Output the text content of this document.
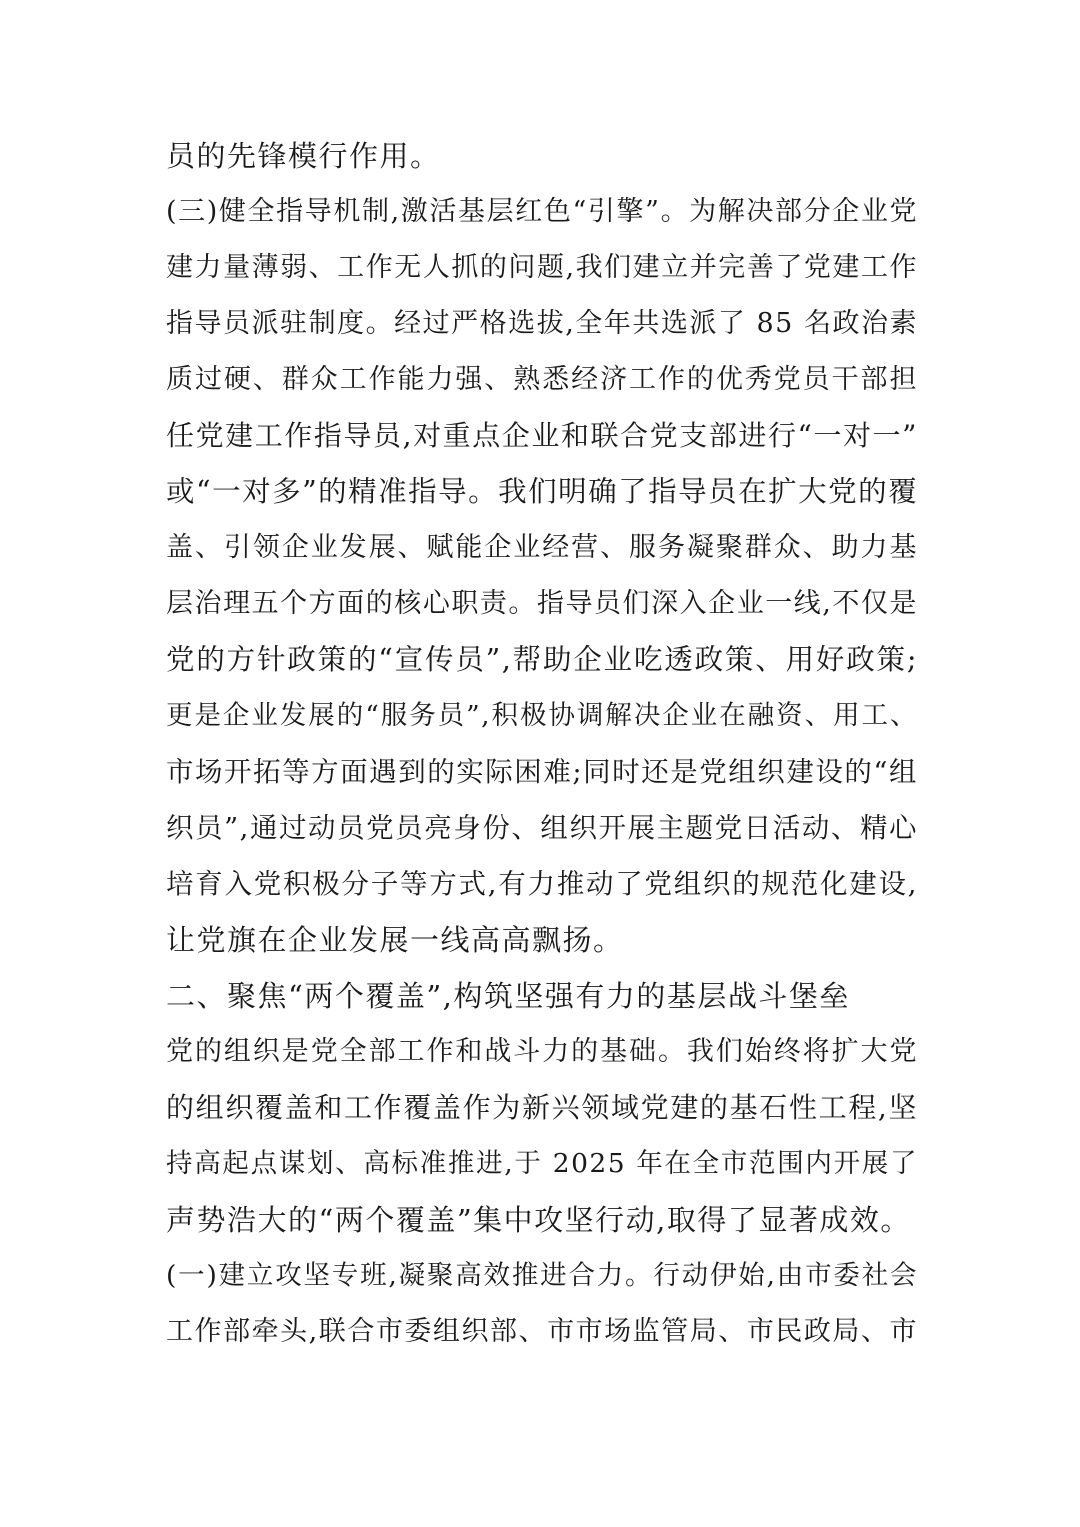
员的先锋模行作用。
(三)健全指导机制,激活基层红色“引擎”。为解决部分企业党
建力量薄弱、工作无人抓的问题,我们建立并完善了党建工作
指导员派驻制度。经过严格选拔,全年共选派了 85 名政治素
质过硬、群众工作能力强、熟悉经济工作的优秀党员干部担
任党建工作指导员,对重点企业和联合党支部进行“一对一”
或“一对多”的精准指导。我们明确了指导员在扩大党的覆
盖、引领企业发展、赋能企业经营、服务凝聚群众、助力基
层治理五个方面的核心职责。指导员们深入企业一线,不仅是
党的方针政策的“宣传员”,帮助企业吃透政策、用好政策;
更是企业发展的“服务员”,积极协调解决企业在融资、用工、
市场开拓等方面遇到的实际困难;同时还是党组织建设的“组
织员”,通过动员党员亮身份、组织开展主题党日活动、精心
培育入党积极分子等方式,有力推动了党组织的规范化建设,
让党旗在企业发展一线高高飘扬。
二、聚焦“两个覆盖”,构筑坚强有力的基层战斗堡垒
党的组织是党全部工作和战斗力的基础。我们始终将扩大党
的组织覆盖和工作覆盖作为新兴领域党建的基石性工程,坚
持高起点谋划、高标准推进,于 2025 年在全市范围内开展了
声势浩大的“两个覆盖”集中攻坚行动,取得了显著成效。
(一)建立攻坚专班,凝聚高效推进合力。行动伊始,由市委社会
工作部牵头,联合市委组织部、市市场监管局、市民政局、市
